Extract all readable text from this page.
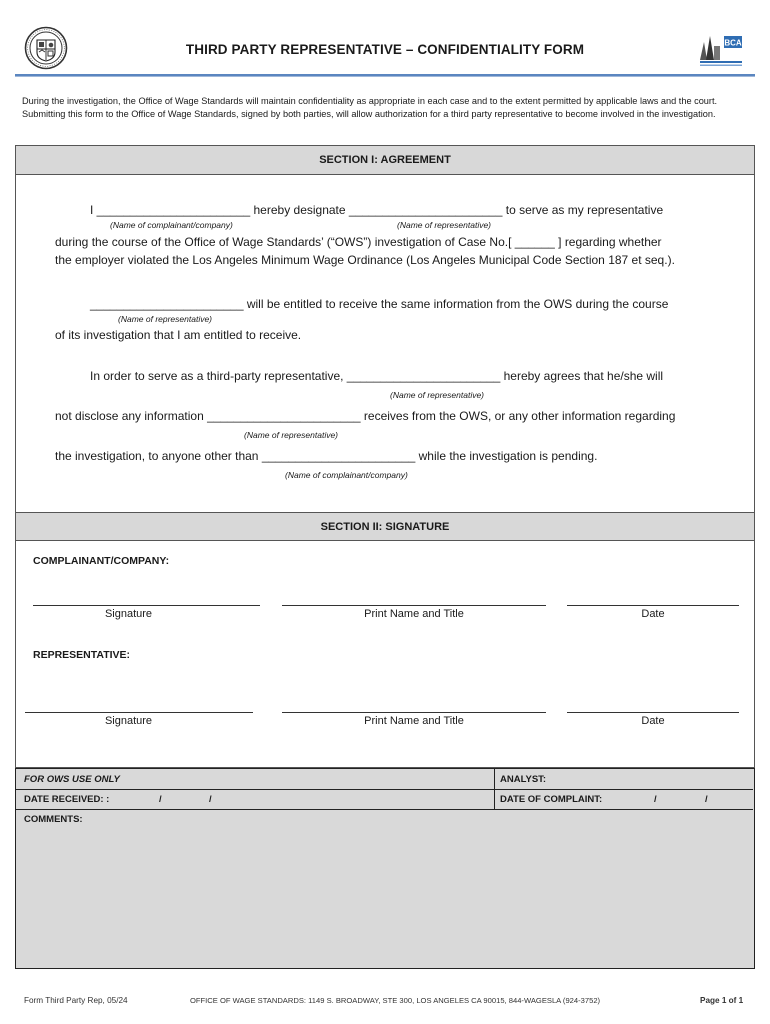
THIRD PARTY REPRESENTATIVE – CONFIDENTIALITY FORM	BCA
During the investigation, the Office of Wage Standards will maintain confidentiality as appropriate in each case and to the extent permitted by applicable laws and the court. Submitting this form to the Office of Wage Standards, signed by both parties, will allow authorization for a third party representative to become involved in the investigation.
SECTION I: AGREEMENT
I _______________________ hereby designate _______________________ to serve as my representative
(Name of complainant/company)	(Name of representative)
during the course of the Office of Wage Standards’ (“OWS”) investigation of Case No.[ ______ ] regarding whether
the employer violated the Los Angeles Minimum Wage Ordinance (Los Angeles Municipal Code Section 187 et seq.).
_______________________ will be entitled to receive the same information from the OWS during the course
(Name of representative)
of its investigation that I am entitled to receive.
In order to serve as a third-party representative, _______________________ hereby agrees that he/she will
(Name of representative)
not disclose any information _______________________ receives from the OWS, or any other information regarding
(Name of representative)
the investigation, to anyone other than _______________________ while the investigation is pending.
(Name of complainant/company)
SECTION II: SIGNATURE
COMPLAINANT/COMPANY:
Signature	Print Name and Title	Date
REPRESENTATIVE:
Signature	Print Name and Title	Date
FOR OWS USE ONLY	ANALYST:
DATE RECEIVED: :	/	/	DATE OF COMPLAINT:	/	/
COMMENTS:
Form Third Party Rep, 05/24	OFFICE OF WAGE STANDARDS: 1149 S. BROADWAY, STE 300, LOS ANGELES CA 90015, 844-WAGESLA (924-3752)	Page 1 of 1
